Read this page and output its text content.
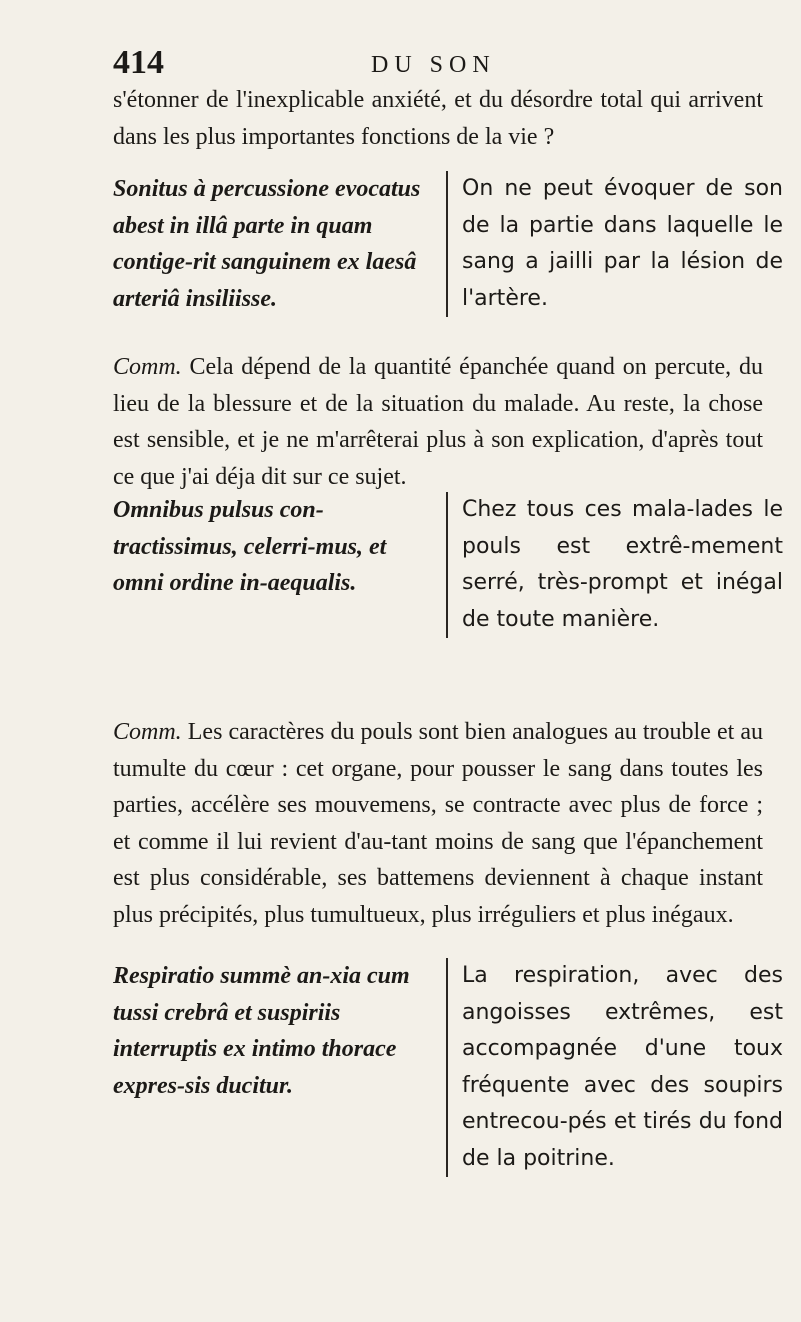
414	DU SON

s'étonner de l'inexplicable anxiété, et du désordre total qui arrivent dans les plus importantes fonctions de la vie ?

Sonitus à percussione evocatus abest in illâ parte in quam contige-rit sanguinem ex laesâ arteriâ insiliisse.

On ne peut évoquer de son de la partie dans laquelle le sang a jailli par la lésion de l'artère.

Comm. Cela dépend de la quantité épanchée quand on percute, du lieu de la blessure et de la situation du malade. Au reste, la chose est sensible, et je ne m'arrêterai plus à son explication, d'après tout ce que j'ai déja dit sur ce sujet.

Omnibus pulsus con-tractissimus, celerri-mus, et omni ordine in-aequalis.

Chez tous ces mala-lades le pouls est extrê-mement serré, très-prompt et inégal de toute manière.

Comm. Les caractères du pouls sont bien analogues au trouble et au tumulte du cœur : cet organe, pour pousser le sang dans toutes les parties, accélère ses mouvemens, se contracte avec plus de force ; et comme il lui revient d'au-tant moins de sang que l'épanchement est plus considérable, ses battemens deviennent à chaque instant plus précipités, plus tumultueux, plus irréguliers et plus inégaux.

Respiratio summè an-xia cum tussi crebrâ et suspiriis interruptis ex intimo thorace expres-sis ducitur.

La respiration, avec des angoisses extrêmes, est accompagnée d'une toux fréquente avec des soupirs entrecou-pés et tirés du fond de la poitrine.
